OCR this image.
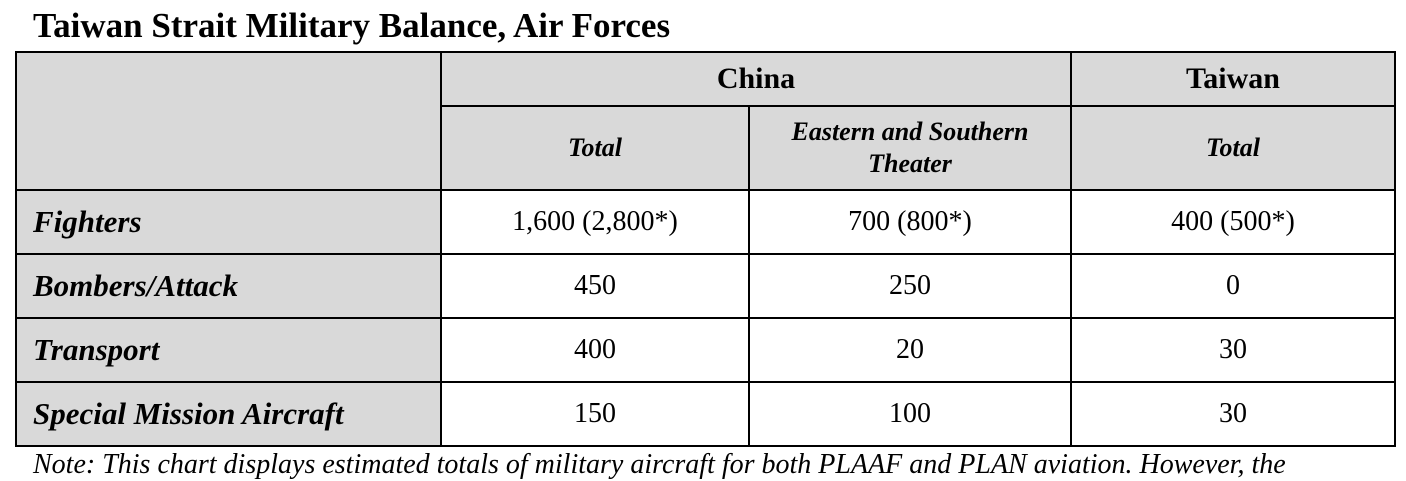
Taiwan Strait Military Balance, Air Forces
	China		Taiwan
	Total	Eastern and Southern Theater	Total
Fighters	1,600 (2,800*)	700 (800*)	400 (500*)
Bombers/Attack	450	250	0
Transport	400	20	30
Special Mission Aircraft	150	100	30
Note: This chart displays estimated totals of military aircraft for both PLAAF and PLAN aviation. However, the
